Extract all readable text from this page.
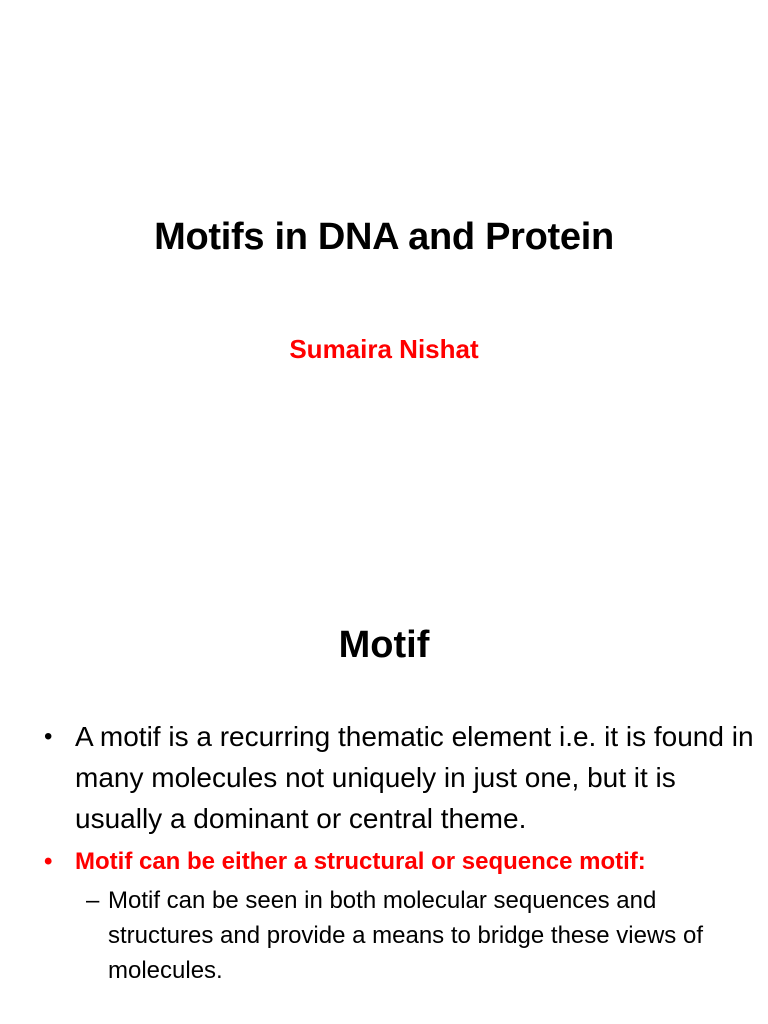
Motifs in DNA and Protein
Sumaira Nishat
Motif
• A motif is a recurring thematic element i.e. it is found in many molecules not uniquely in just one, but it is usually a dominant or central theme.
• Motif can be either a structural or sequence motif:
– Motif can be seen in both molecular sequences and structures and provide a means to bridge these views of molecules.
